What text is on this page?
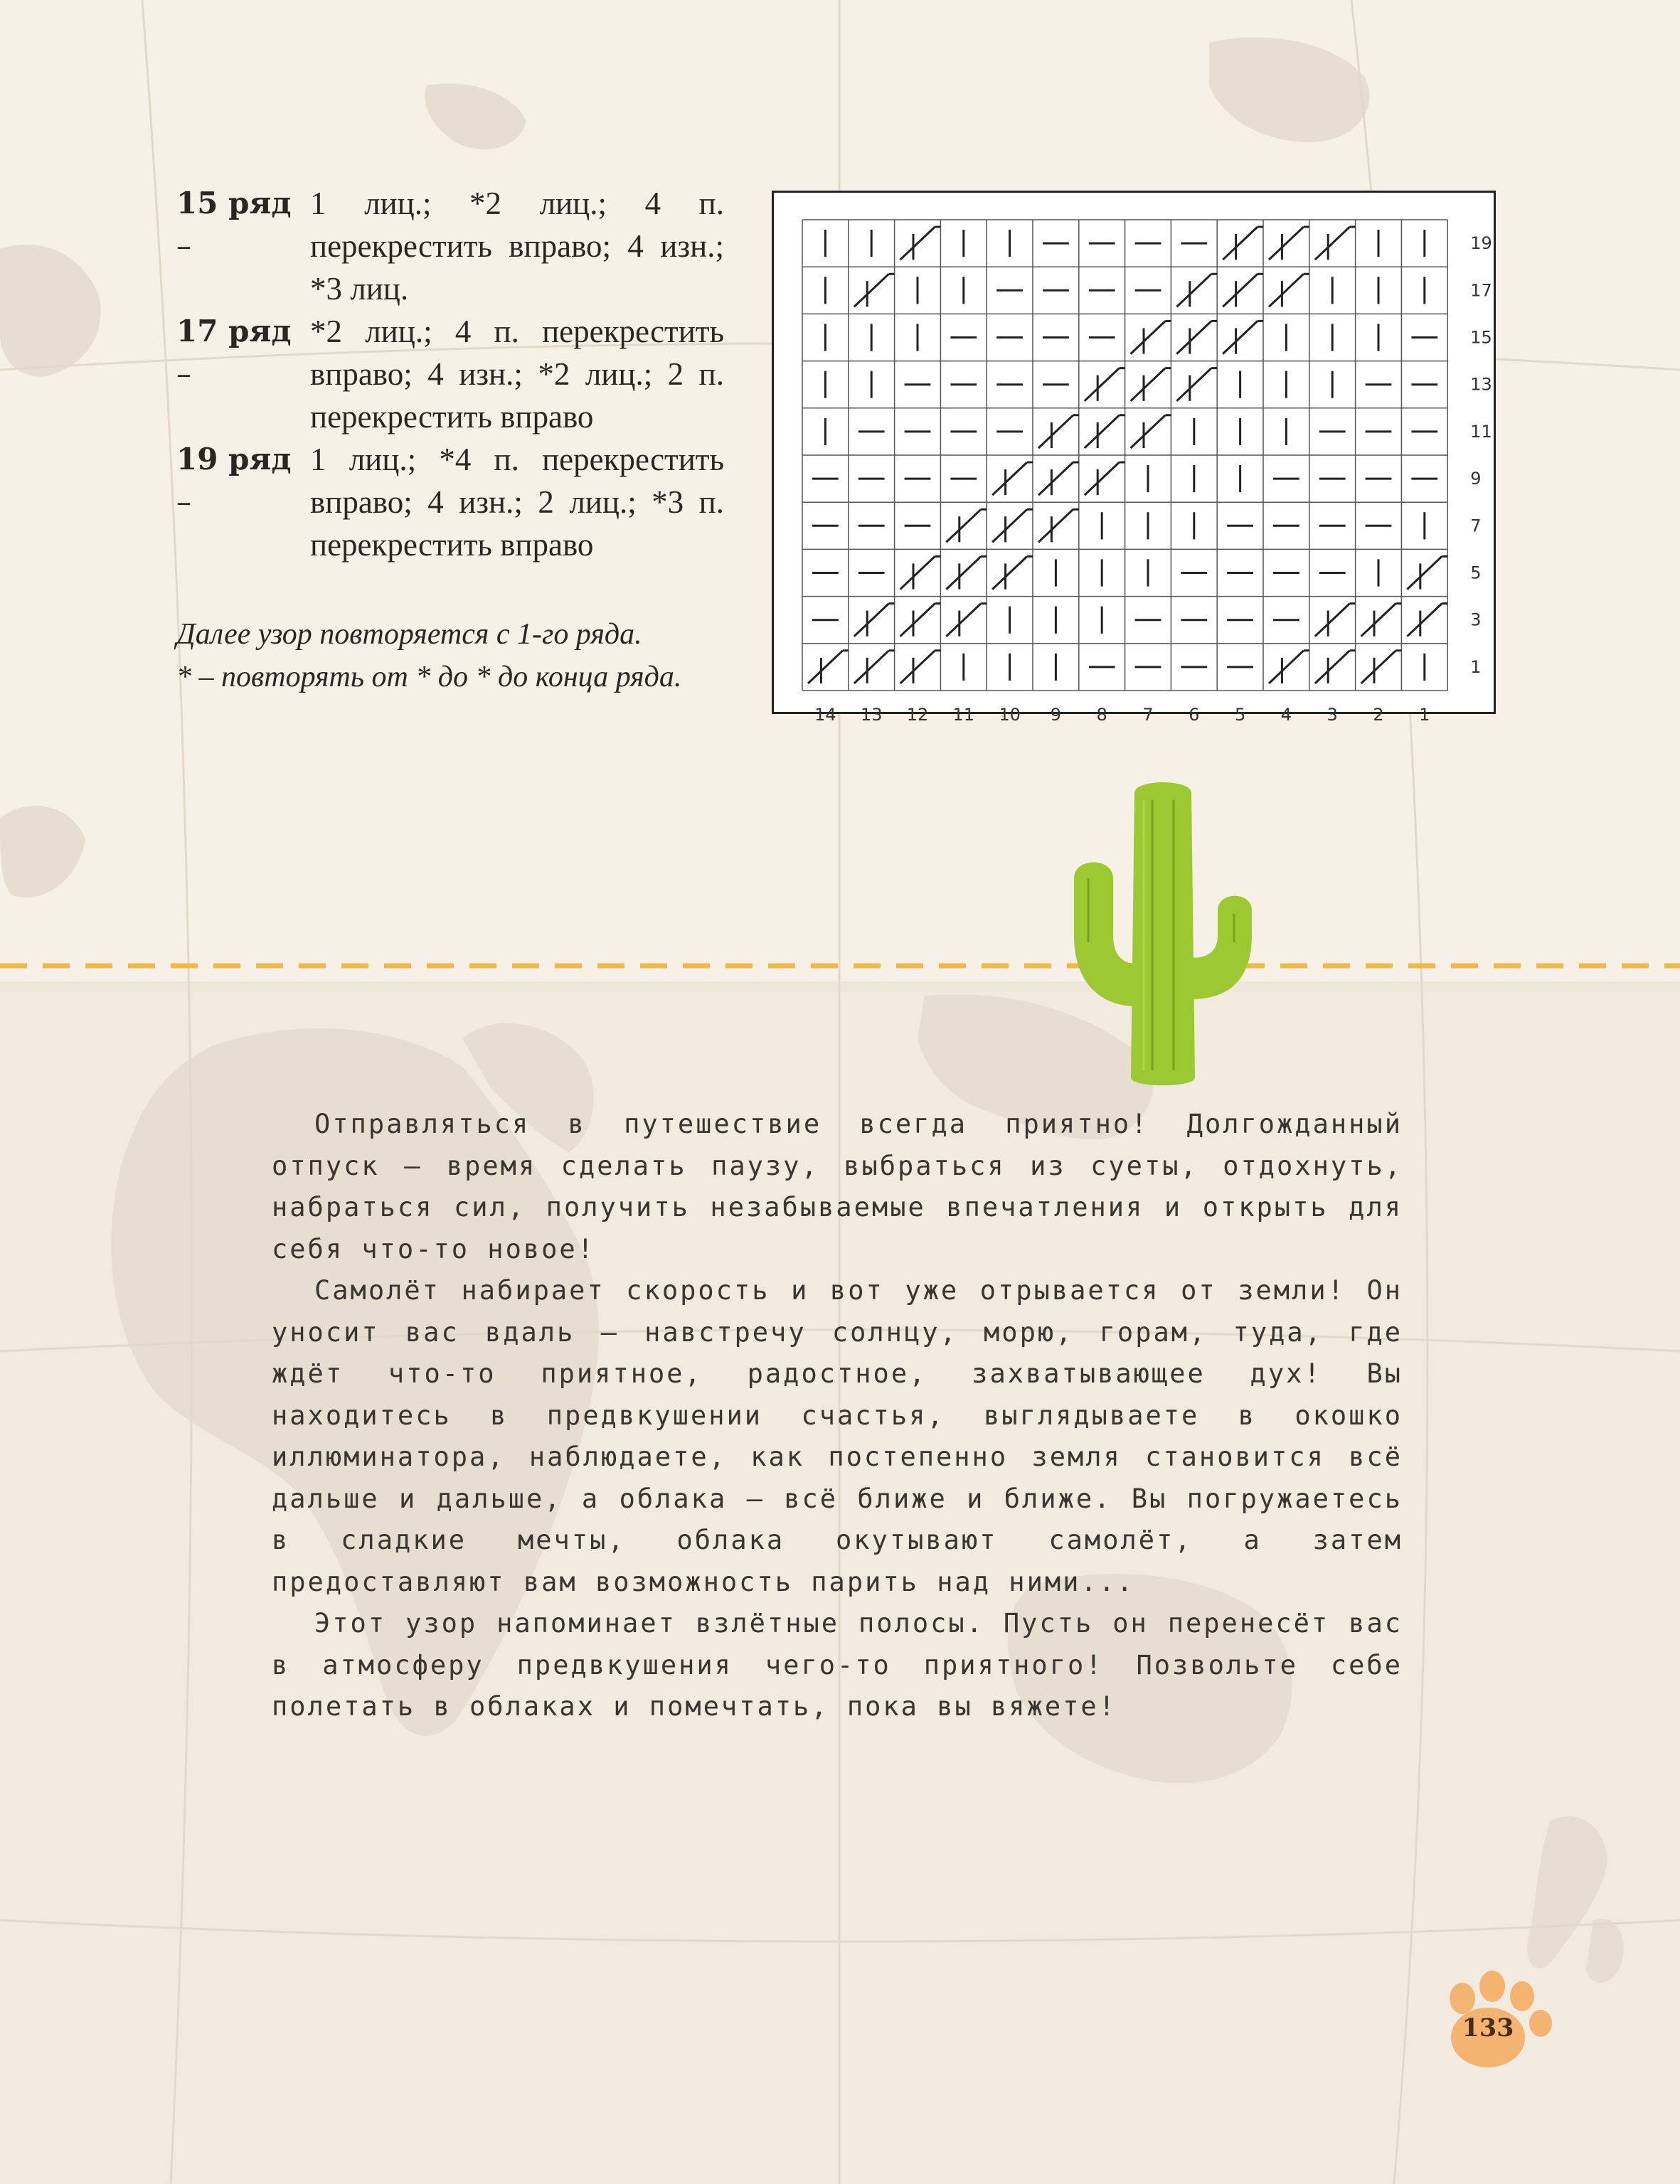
15 ряд –
1 лиц.; *2 лиц.; 4 п. перекрестить вправо; 4 изн.; *3 лиц.
17 ряд –
*2 лиц.; 4 п. перекрестить вправо; 4 изн.; *2 лиц.; 2 п. перекрестить вправо
19 ряд –
1 лиц.; *4 п. перекрестить вправо; 4 изн.; 2 лиц.; *3 п. перекрестить вправо
Далее узор повторяется с 1-го ряда.
* – повторять от * до * до конца ряда.
19
17
15
13
11
9
7
5
3
1
14 13 12 11 10 9 8 7 6 5 4 3 2 1

Отправляться в путешествие всегда приятно! Долгожданный отпуск – время сделать паузу, выбраться из суеты, отдохнуть, набраться сил, получить незабываемые впечатления и открыть для себя что-то новое!

Самолёт набирает скорость и вот уже отрывается от земли! Он уносит вас вдаль – навстречу солнцу, морю, горам, туда, где ждёт что-то приятное, радостное, захватывающее дух! Вы находитесь в предвкушении счастья, выглядываете в окошко иллюминатора, наблюдаете, как постепенно земля становится всё дальше и дальше, а облака – всё ближе и ближе. Вы погружаетесь в сладкие мечты, облака окутывают самолёт, а затем предоставляют вам возможность парить над ними...

Этот узор напоминает взлётные полосы. Пусть он перенесёт вас в атмосферу предвкушения чего-то приятного! Позвольте себе полетать в облаках и помечтать, пока вы вяжете!

133
